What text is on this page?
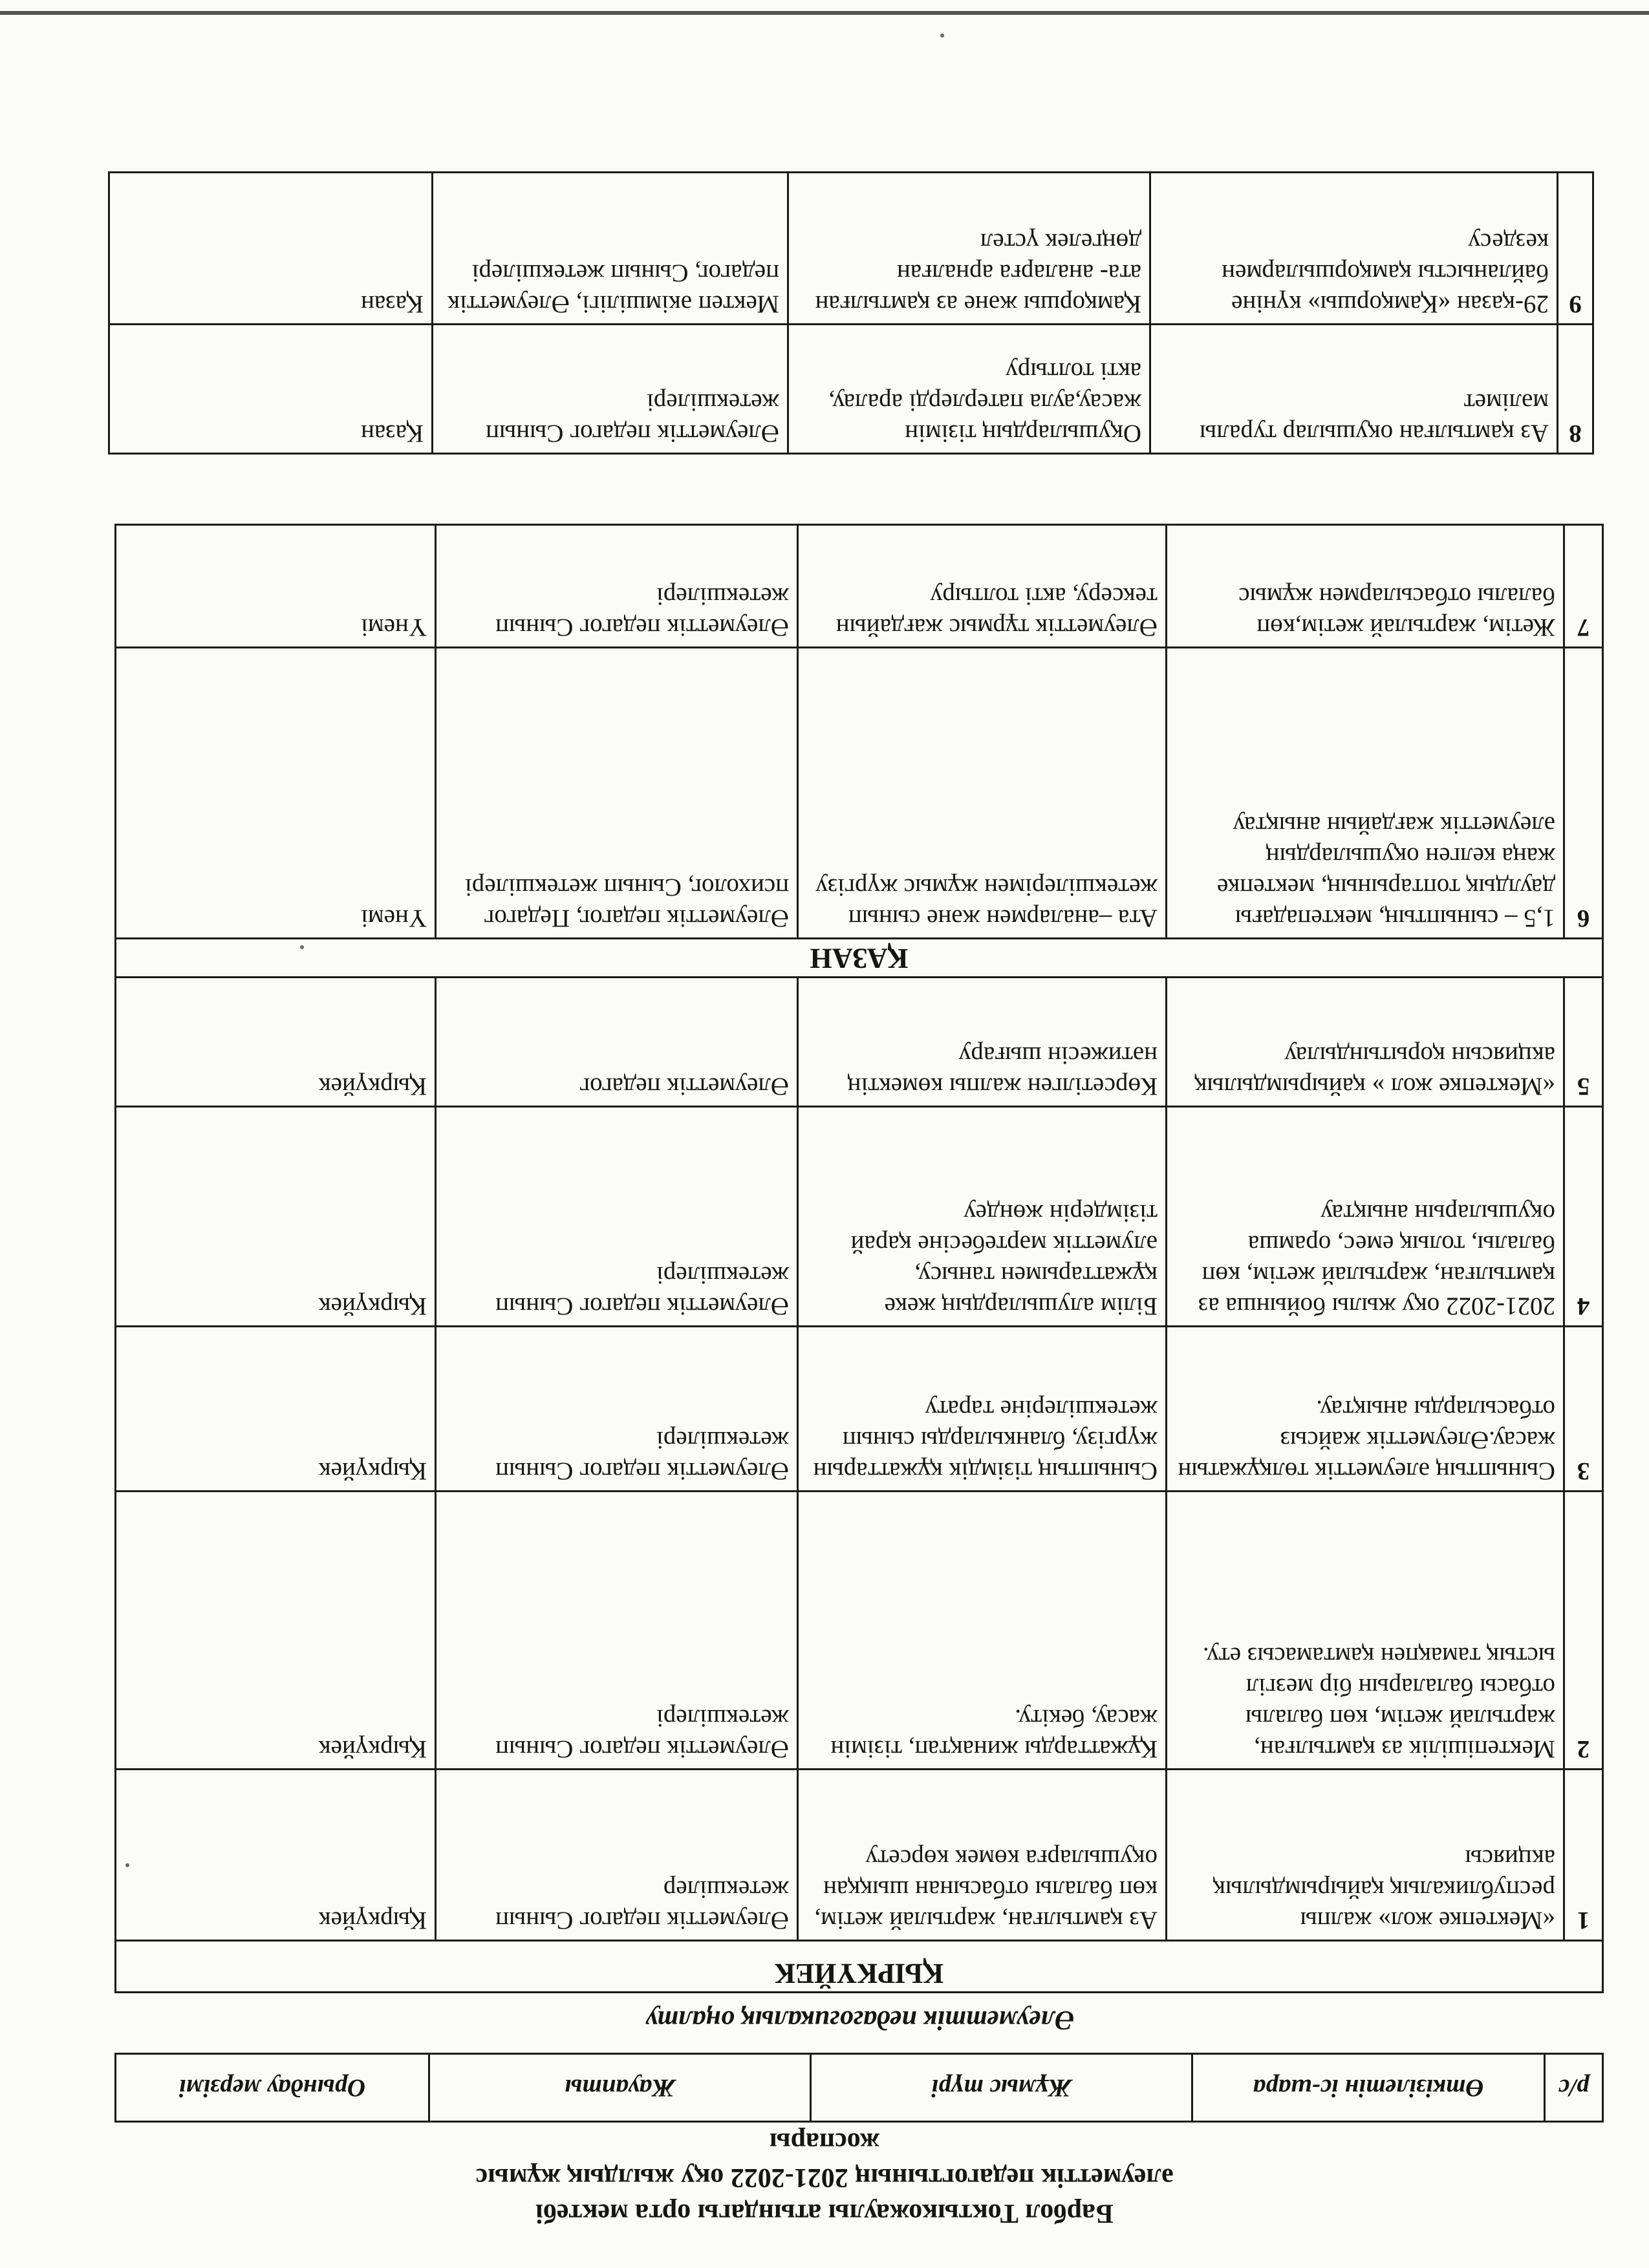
Барбол Токтыкожаулы атындагы орта мектебі
әлеуметтік педагогтының 2021-2022 оқу жылдық жұмыс
жоспары
р/с	Өткізілетін іс-шара	Жұмыс түрі	Жауапты	Орындау мерзімі
Әлеуметтік педагогикалық оңалту
ҚЫРКҮЙЕК				
1	«Мектепке жол» жалпы республикалық қайырымдылық акциясы	Аз қамтылған, жартылай жетім, көп балалы отбасынан шыққан оқушыларға көмек көрсету	Әлеуметтік педагог Сынып жетекшілер	Қыркүйек
2	Мектепішілік аз қамтылған, жартылай жетім, көп балалы отбасы балаларын бір мезгіл ыстық тамақпен қамтамасыз ету.	Құжаттарды жинақтап, тізімін жасау, бекіту.	Әлеуметтік педагог Сынып жетекшілері	Қыркүйек
3	Сыныптың әлеуметтік төлқұжатын жасау.Әлеуметтік жайсыз отбасыларды анықтау.	Сыныптың тізімдік құжаттарын жүргізу, бланкыларды сынып жетекшілеріне тарату	Әлеуметтік педагог Сынып жетекшілері	Қыркүйек
4	2021-2022 оқу жылы бойынша аз қамтылған, жартылай жетім, көп балалы, толық емес, орамша оқушыларын анықтау	Білім алушылардың жеке құжаттарымен танысу, әлуметтік мәртебесіне қарай тізімдерін жөндеу	Әлеуметтік педагог Сынып жетекшілері	Қыркүйек
5	«Мектепке жол » қайырымдылық акциясын қорытындылау	Көрсетілген жалпы көмектің нәтижесін шығару	Әлеуметтік педагог	Қыркүйек
ҚАЗАН				
6	1,5 – сыныптың, мектепадағы даулдық топтарының, мектепке жаңа келген оқушылардың әлеуметтік жағдайын анықтау	Ата –аналармен және сынып жетекшілерімен жұмыс жүргізу	Әлеуметтік педагог, Педагог психолог, Сынып жетекшілері	Үнемі
7	Жетім, жартылай жетім,көп балалы отбасылармен жұмыс	Әлеуметтік тұрмыс жағдайын тексеру, акті толтыру	Әлеуметтік педагог Сынып жетекшілері	Үнемі
8	Аз қамтылған оқушылар туралы мәлімет	Оқушылардың тізімін жасау,аула патерлерді аралау, акті толтыру	Әлеуметтік педагог Сынып жетекшілері	Қазан
9	29-қазан «Қамқоршы» күніне байланысты қамқоршылармен кездесу	Қамқоршы және аз қамтылған ата- аналарға арналған дөңгелек үстел	Мектеп әкімшілігі, Әлеуметтік педагог, Сынып жетекшілері	Қазан
